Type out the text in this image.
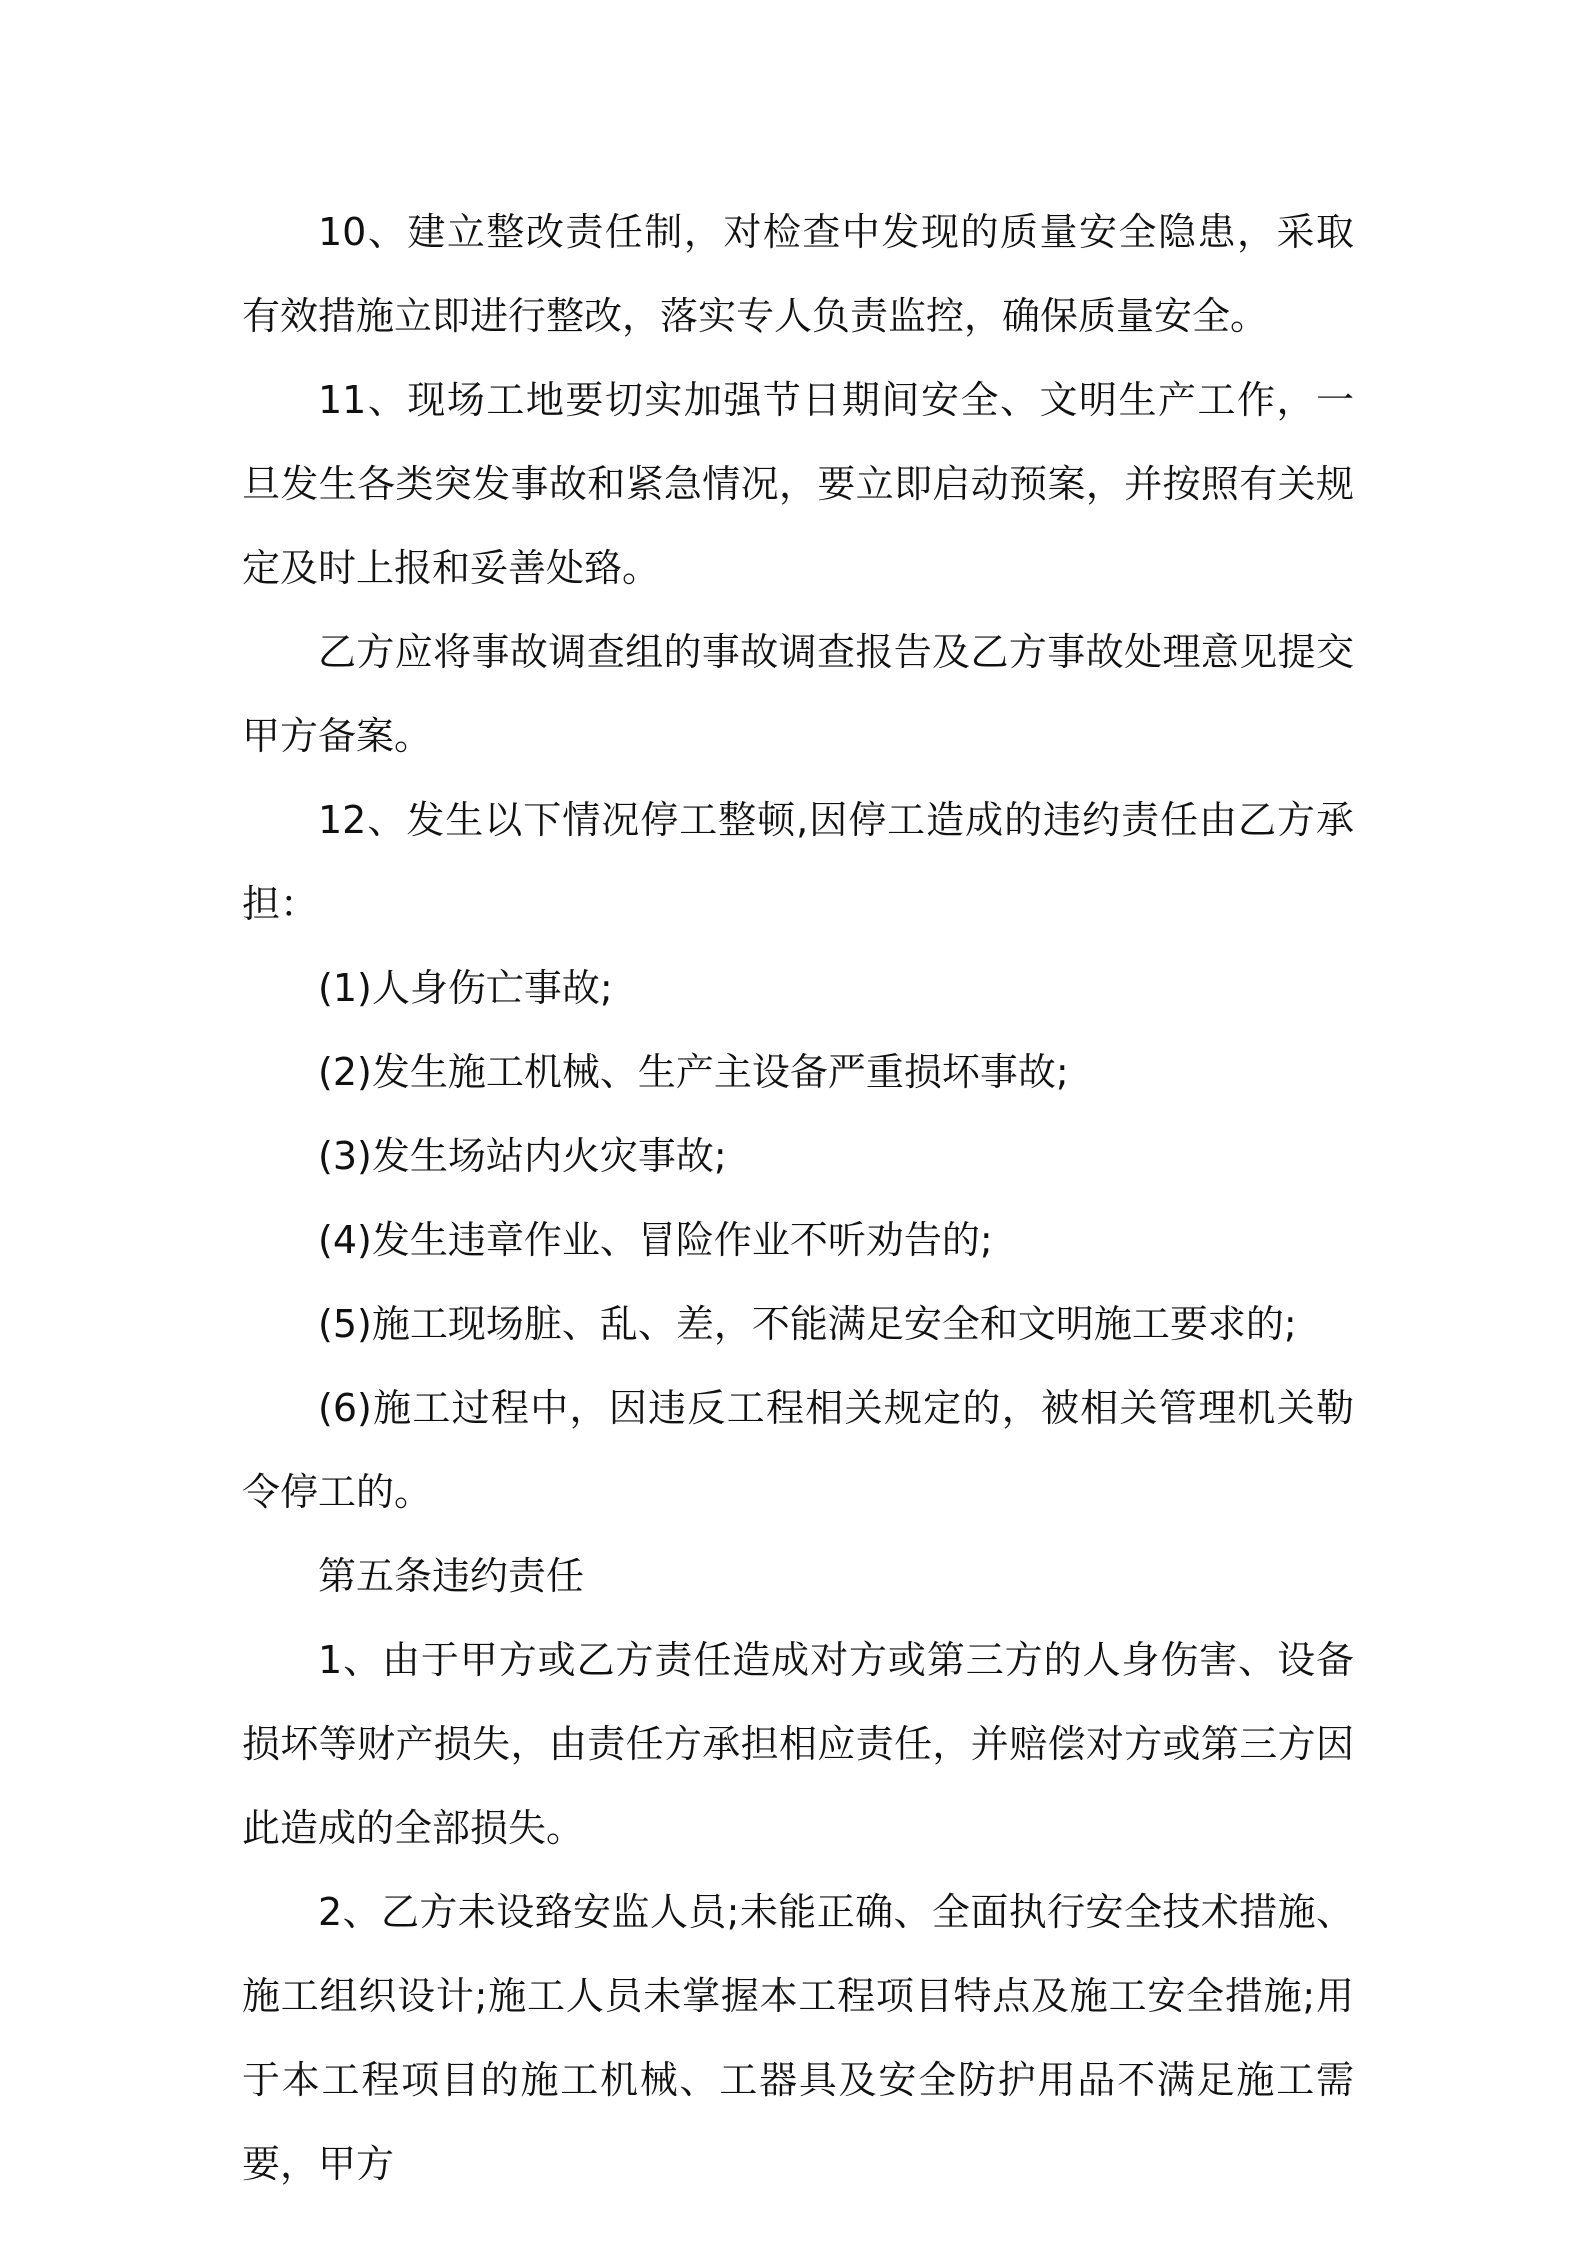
10、建立整改责任制，对检查中发现的质量安全隐患，采取有效措施立即进行整改，落实专人负责监控，确保质量安全。

11、现场工地要切实加强节日期间安全、文明生产工作，一旦发生各类突发事故和紧急情况，要立即启动预案，并按照有关规定及时上报和妥善处臵。

乙方应将事故调查组的事故调查报告及乙方事故处理意见提交甲方备案。

12、发生以下情况停工整顿,因停工造成的违约责任由乙方承担：

(1)人身伤亡事故;

(2)发生施工机械、生产主设备严重损坏事故;

(3)发生场站内火灾事故;

(4)发生违章作业、冒险作业不听劝告的;

(5)施工现场脏、乱、差，不能满足安全和文明施工要求的;

(6)施工过程中，因违反工程相关规定的，被相关管理机关勒令停工的。

第五条违约责任

1、由于甲方或乙方责任造成对方或第三方的人身伤害、设备损坏等财产损失，由责任方承担相应责任，并赔偿对方或第三方因此造成的全部损失。

2、乙方未设臵安监人员;未能正确、全面执行安全技术措施、施工组织设计;施工人员未掌握本工程项目特点及施工安全措施;用于本工程项目的施工机械、工器具及安全防护用品不满足施工需要，甲方
